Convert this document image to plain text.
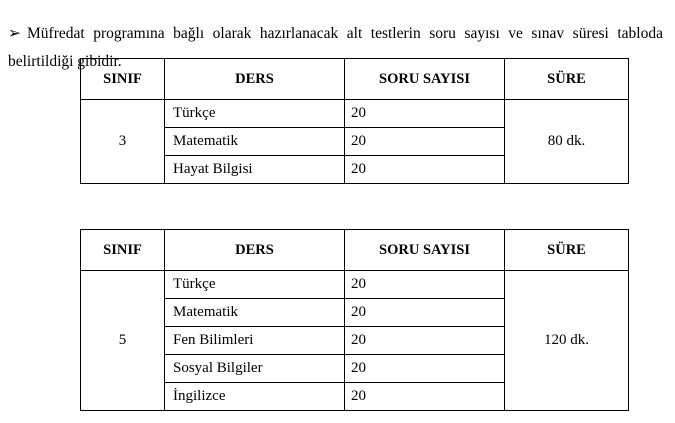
➢ Müfredat programına bağlı olarak hazırlanacak alt testlerin soru sayısı ve sınav süresi tabloda belirtildiği gibidir.

SINIF	DERS	SORU SAYISI	SÜRE
3	Türkçe	20	80 dk.
	Matematik	20	
	Hayat Bilgisi	20	
SINIF	DERS	SORU SAYISI	SÜRE
5	Türkçe	20	120 dk.
	Matematik	20	
	Fen Bilimleri	20	
	Sosyal Bilgiler	20	
	İngilizce	20	
